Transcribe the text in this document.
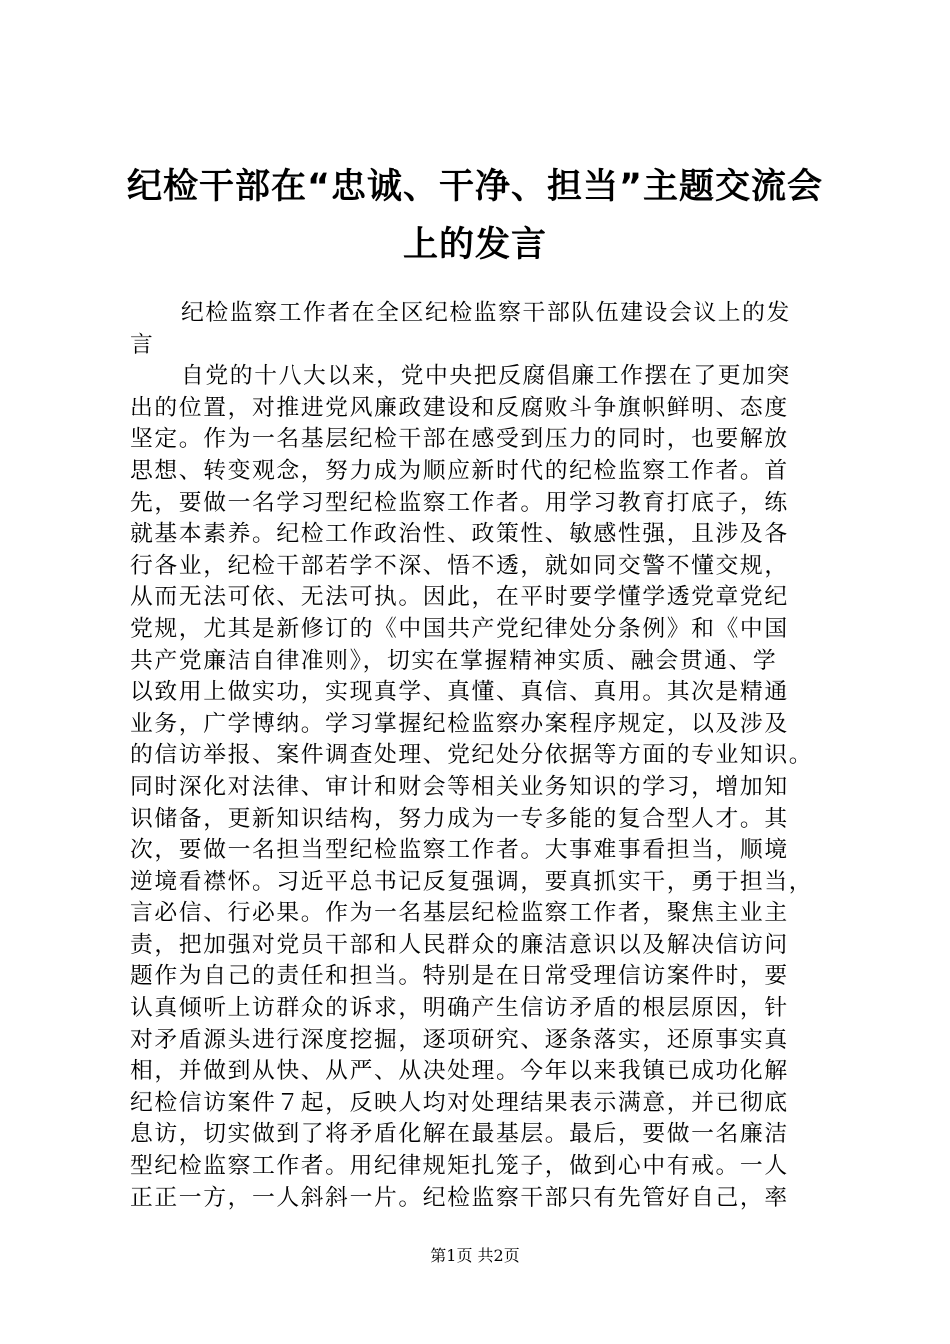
纪检干部在“忠诚、干净、担当”主题交流会
上的发言
纪检监察工作者在全区纪检监察干部队伍建设会议上的发
言
自党的十八大以来，党中央把反腐倡廉工作摆在了更加突
出的位置，对推进党风廉政建设和反腐败斗争旗帜鲜明、态度
坚定。作为一名基层纪检干部在感受到压力的同时，也要解放
思想、转变观念，努力成为顺应新时代的纪检监察工作者。首
先，要做一名学习型纪检监察工作者。用学习教育打底子，练
就基本素养。纪检工作政治性、政策性、敏感性强，且涉及各
行各业，纪检干部若学不深、悟不透，就如同交警不懂交规，
从而无法可依、无法可执。因此，在平时要学懂学透党章党纪
党规，尤其是新修订的《中国共产党纪律处分条例》和《中国
共产党廉洁自律准则》，切实在掌握精神实质、融会贯通、学
以致用上做实功，实现真学、真懂、真信、真用。其次是精通
业务，广学博纳。学习掌握纪检监察办案程序规定，以及涉及
的信访举报、案件调查处理、党纪处分依据等方面的专业知识。
同时深化对法律、审计和财会等相关业务知识的学习，增加知
识储备，更新知识结构，努力成为一专多能的复合型人才。其
次，要做一名担当型纪检监察工作者。大事难事看担当，顺境
逆境看襟怀。习近平总书记反复强调，要真抓实干，勇于担当，
言必信、行必果。作为一名基层纪检监察工作者，聚焦主业主
责，把加强对党员干部和人民群众的廉洁意识以及解决信访问
题作为自己的责任和担当。特别是在日常受理信访案件时，要
认真倾听上访群众的诉求，明确产生信访矛盾的根层原因，针
对矛盾源头进行深度挖掘，逐项研究、逐条落实，还原事实真
相，并做到从快、从严、从决处理。今年以来我镇已成功化解
纪检信访案件７起，反映人均对处理结果表示满意，并已彻底
息访，切实做到了将矛盾化解在最基层。最后，要做一名廉洁
型纪检监察工作者。用纪律规矩扎笼子，做到心中有戒。一人
正正一方，一人斜斜一片。纪检监察干部只有先管好自己，率
第1页 共2页
